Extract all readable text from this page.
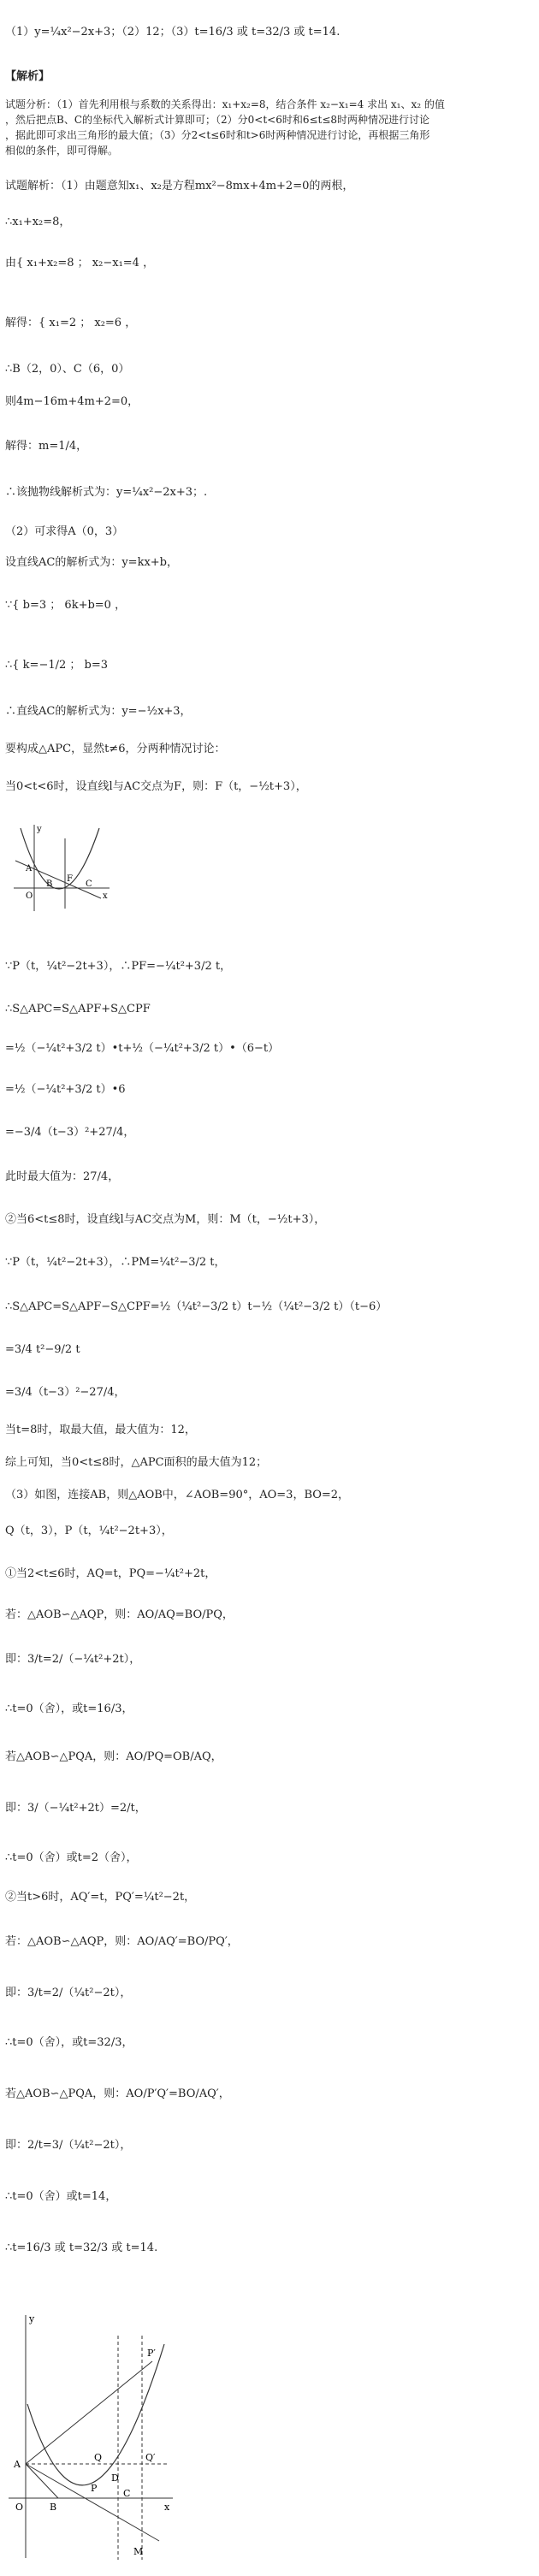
（1）y=¼x²−2x+3；（2）12；（3）t=16/3 或 t=32/3 或 t=14.
【解析】
试题分析：（1）首先利用根与系数的关系得出：x₁+x₂=8，结合条件 x₂−x₁=4 求出 x₁、x₂ 的值
，然后把点B、C的坐标代入解析式计算即可；（2）分0<t<6时和6≤t≤8时两种情况进行讨论
，据此即可求出三角形的最大值；（3）分2<t≤6时和t>6时两种情况进行讨论，再根据三角形
相似的条件，即可得解。
试题解析：（1）由题意知x₁、x₂是方程mx²−8mx+4m+2=0的两根，
∴x₁+x₂=8，
由{ x₁+x₂=8 ； x₂−x₁=4 ，
解得：{ x₁=2 ； x₂=6 ，
∴B（2，0）、C（6，0）
则4m−16m+4m+2=0，
解得：m=1/4，
∴该抛物线解析式为：y=¼x²−2x+3；.
（2）可求得A（0，3）
设直线AC的解析式为：y=kx+b，
∵{ b=3 ； 6k+b=0 ，
∴{ k=−1/2 ； b=3
∴直线AC的解析式为：y=−½x+3，
要构成△APC，显然t≠6，分两种情况讨论：
当0<t<6时，设直线l与AC交点为F，则：F（t，−½t+3），
y
x
A
F
C
B
O
∵P（t，¼t²−2t+3），∴PF=−¼t²+3/2 t，
∴S△APC=S△APF+S△CPF
=½（−¼t²+3/2 t）•t+½（−¼t²+3/2 t）•（6−t）
=½（−¼t²+3/2 t）•6
=−3/4（t−3）²+27/4，
此时最大值为：27/4，
②当6<t≤8时，设直线l与AC交点为M，则：M（t，−½t+3），
∵P（t，¼t²−2t+3），∴PM=¼t²−3/2 t，
∴S△APC=S△APF−S△CPF=½（¼t²−3/2 t）t−½（¼t²−3/2 t）（t−6）
=3/4 t²−9/2 t
=3/4（t−3）²−27/4，
当t=8时，取最大值，最大值为：12，
综上可知，当0<t≤8时，△APC面积的最大值为12；
（3）如图，连接AB，则△AOB中，∠AOB=90°，AO=3，BO=2，
Q（t，3），P（t，¼t²−2t+3），
①当2<t≤6时，AQ=t，PQ=−¼t²+2t，
若：△AOB∽△AQP，则：AO/AQ=BO/PQ，
即：3/t=2/（−¼t²+2t），
∴t=0（舍），或t=16/3，
若△AOB∽△PQA，则：AO/PQ=OB/AQ，
即：3/（−¼t²+2t）=2/t，
∴t=0（舍）或t=2（舍），
②当t>6时，AQ′=t，PQ′=¼t²−2t，
若：△AOB∽△AQP，则：AO/AQ′=BO/PQ′，
即：3/t=2/（¼t²−2t），
∴t=0（舍），或t=32/3，
若△AOB∽△PQA，则：AO/P′Q′=BO/AQ′，
即：2/t=3/（¼t²−2t），
∴t=0（舍）或t=14，
∴t=16/3 或 t=32/3 或 t=14.
y
x
A
O	B
P
Q
C
D
M
P′
Q′
